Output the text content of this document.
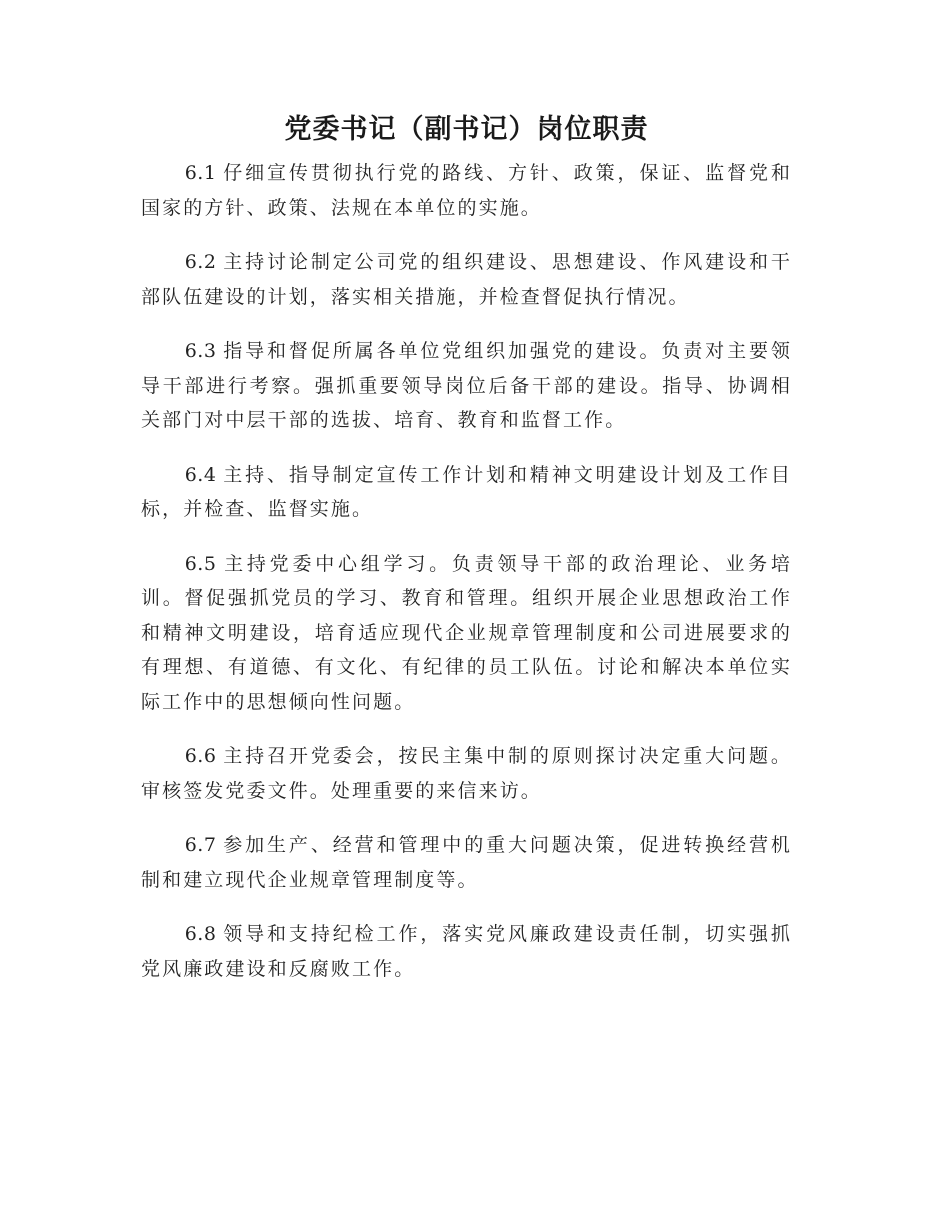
党委书记（副书记）岗位职责

6.1 仔细宣传贯彻执行党的路线、方针、政策，保证、监督党和国家的方针、政策、法规在本单位的实施。

6.2 主持讨论制定公司党的组织建设、思想建设、作风建设和干部队伍建设的计划，落实相关措施，并检查督促执行情况。

6.3 指导和督促所属各单位党组织加强党的建设。负责对主要领导干部进行考察。强抓重要领导岗位后备干部的建设。指导、协调相关部门对中层干部的选拔、培育、教育和监督工作。

6.4 主持、指导制定宣传工作计划和精神文明建设计划及工作目标，并检查、监督实施。

6.5 主持党委中心组学习。负责领导干部的政治理论、业务培训。督促强抓党员的学习、教育和管理。组织开展企业思想政治工作和精神文明建设，培育适应现代企业规章管理制度和公司进展要求的有理想、有道德、有文化、有纪律的员工队伍。讨论和解决本单位实际工作中的思想倾向性问题。

6.6 主持召开党委会，按民主集中制的原则探讨决定重大问题。审核签发党委文件。处理重要的来信来访。

6.7 参加生产、经营和管理中的重大问题决策，促进转换经营机制和建立现代企业规章管理制度等。

6.8 领导和支持纪检工作，落实党风廉政建设责任制，切实强抓党风廉政建设和反腐败工作。
